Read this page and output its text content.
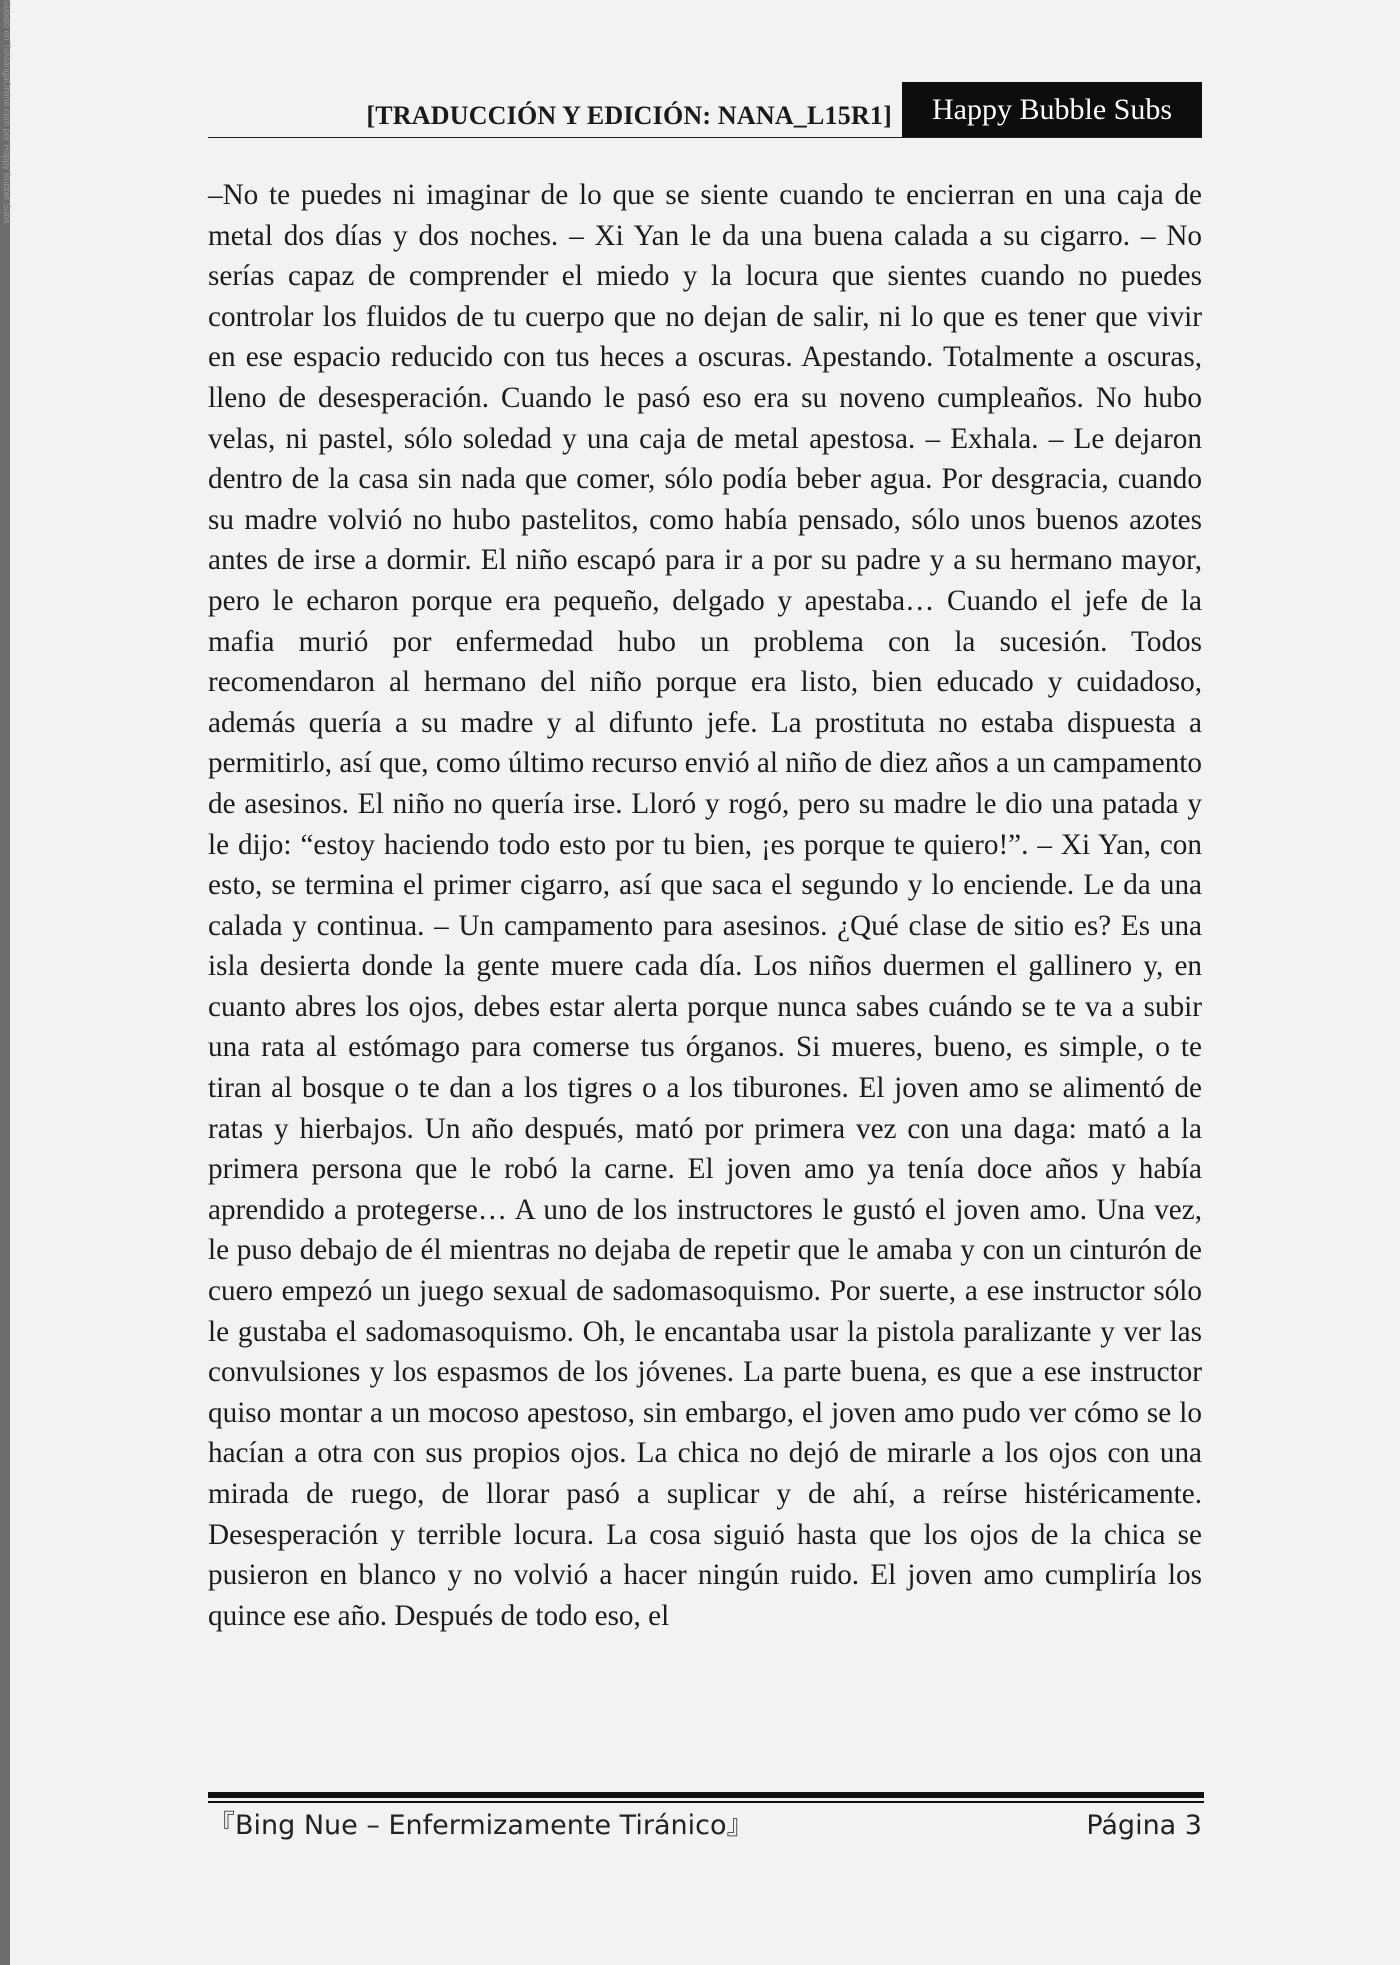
Subido en TuMangaOnline.com por Happy Bubble Subs	[TRADUCCIÓN Y EDICIÓN: NANA_L15R1]	Happy Bubble Subs

–No te puedes ni imaginar de lo que se siente cuando te encierran en una caja de metal dos días y dos noches. – Xi Yan le da una buena calada a su cigarro. – No serías capaz de comprender el miedo y la locura que sientes cuando no puedes controlar los fluidos de tu cuerpo que no dejan de salir, ni lo que es tener que vivir en ese espacio reducido con tus heces a oscuras. Apestando. Totalmente a oscuras, lleno de desesperación. Cuando le pasó eso era su noveno cumpleaños. No hubo velas, ni pastel, sólo soledad y una caja de metal apestosa. – Exhala. – Le dejaron dentro de la casa sin nada que comer, sólo podía beber agua. Por desgracia, cuando su madre volvió no hubo pastelitos, como había pensado, sólo unos buenos azotes antes de irse a dormir. El niño escapó para ir a por su padre y a su hermano mayor, pero le echaron porque era pequeño, delgado y apestaba… Cuando el jefe de la mafia murió por enfermedad hubo un problema con la sucesión. Todos recomendaron al hermano del niño porque era listo, bien educado y cuidadoso, además quería a su madre y al difunto jefe. La prostituta no estaba dispuesta a permitirlo, así que, como último recurso envió al niño de diez años a un campamento de asesinos. El niño no quería irse. Lloró y rogó, pero su madre le dio una patada y le dijo: “estoy haciendo todo esto por tu bien, ¡es porque te quiero!”. – Xi Yan, con esto, se termina el primer cigarro, así que saca el segundo y lo enciende. Le da una calada y continua. – Un campamento para asesinos. ¿Qué clase de sitio es? Es una isla desierta donde la gente muere cada día. Los niños duermen el gallinero y, en cuanto abres los ojos, debes estar alerta porque nunca sabes cuándo se te va a subir una rata al estómago para comerse tus órganos. Si mueres, bueno, es simple, o te tiran al bosque o te dan a los tigres o a los tiburones. El joven amo se alimentó de ratas y hierbajos. Un año después, mató por primera vez con una daga: mató a la primera persona que le robó la carne. El joven amo ya tenía doce años y había aprendido a protegerse… A uno de los instructores le gustó el joven amo. Una vez, le puso debajo de él mientras no dejaba de repetir que le amaba y con un cinturón de cuero empezó un juego sexual de sadomasoquismo. Por suerte, a ese instructor sólo le gustaba el sadomasoquismo. Oh, le encantaba usar la pistola paralizante y ver las convulsiones y los espasmos de los jóvenes. La parte buena, es que a ese instructor quiso montar a un mocoso apestoso, sin embargo, el joven amo pudo ver cómo se lo hacían a otra con sus propios ojos. La chica no dejó de mirarle a los ojos con una mirada de ruego, de llorar pasó a suplicar y de ahí, a reírse histéricamente. Desesperación y terrible locura. La cosa siguió hasta que los ojos de la chica se pusieron en blanco y no volvió a hacer ningún ruido. El joven amo cumpliría los quince ese año. Después de todo eso, el

『Bing Nue – Enfermizamente Tiránico』	Página 3
